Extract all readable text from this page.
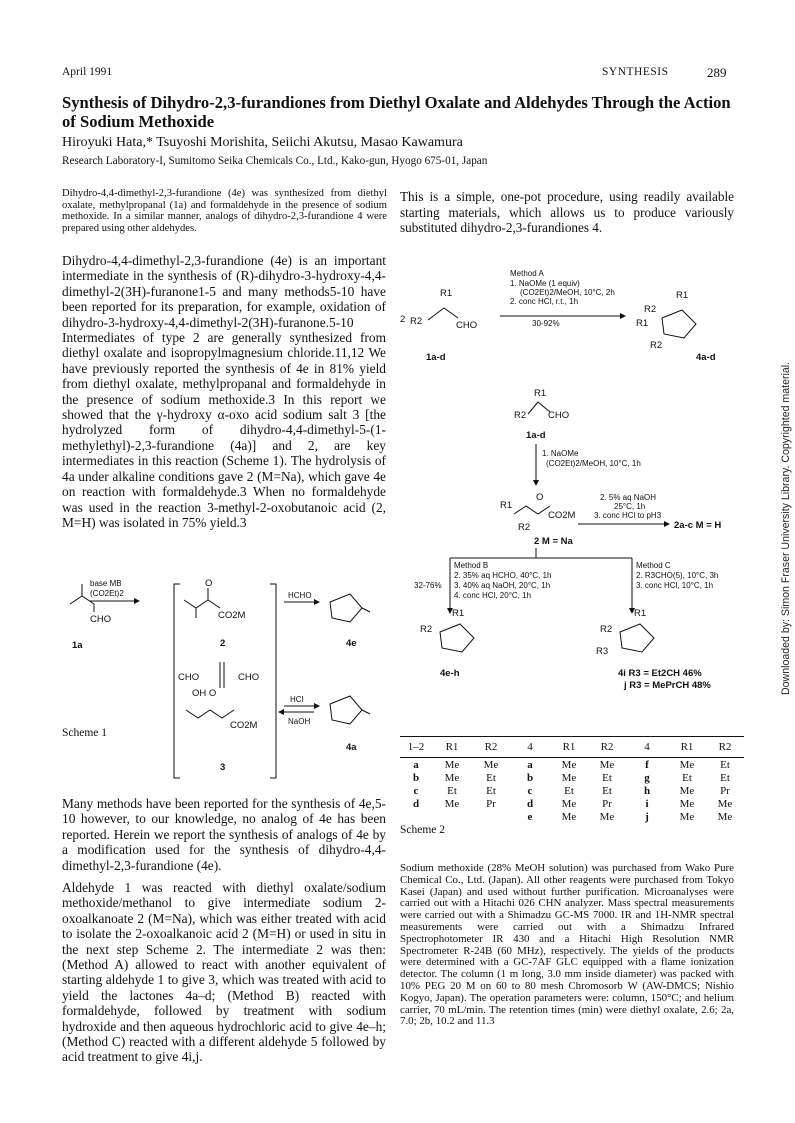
April 1991	SYNTHESIS	289
Synthesis of Dihydro-2,3-furandiones from Diethyl Oxalate and Aldehydes Through the Action of Sodium Methoxide
Hiroyuki Hata,* Tsuyoshi Morishita, Seiichi Akutsu, Masao Kawamura
Research Laboratory-I, Sumitomo Seika Chemicals Co., Ltd., Kako-gun, Hyogo 675-01, Japan
Dihydro-4,4-dimethyl-2,3-furandione (4e) was synthesized from diethyl oxalate, methylpropanal (1a) and formaldehyde in the presence of sodium methoxide. In a similar manner, analogs of dihydro-2,3-furandione 4 were prepared using other aldehydes.
This is a simple, one-pot procedure, using readily available starting materials, which allows us to produce variously substituted dihydro-2,3-furandiones 4.
Dihydro-4,4-dimethyl-2,3-furandione (4e) is an important intermediate in the synthesis of (R)-dihydro-3-hydroxy-4,4-dimethyl-2(3H)-furanone1-5 and many methods5-10 have been reported for its preparation, for example, oxidation of dihydro-3-hydroxy-4,4-dimethyl-2(3H)-furanone.5-10 Intermediates of type 2 are generally synthesized from diethyl oxalate and isopropylmagnesium chloride.11,12 We have previously reported the synthesis of 4e in 81% yield from diethyl oxalate, methylpropanal and formaldehyde in the presence of sodium methoxide.3 In this report we showed that the γ-hydroxy α-oxo acid sodium salt 3 [the hydrolyzed form of dihydro-4,4-dimethyl-5-(1-methylethyl)-2,3-furandione (4a)] and 2, are key intermediates in this reaction (Scheme 1). The hydrolysis of 4a under alkaline conditions gave 2 (M=Na), which gave 4e on reaction with formaldehyde.3 When no formaldehyde was used in the reaction 3-methyl-2-oxobutanoic acid (2, M=H) was isolated in 75% yield.3
CHO
1a
base MB
(CO2Et)2
O
CO2M
2
CHO	CHO
OH O
CO2M
3
HCHO
4e
HCl
NaOH
4a
Scheme 1
Many methods have been reported for the synthesis of 4e,5-10 however, to our knowledge, no analog of 4e has been reported. Herein we report the synthesis of analogs of 4e by a modification used for the synthesis of dihydro-4,4-dimethyl-2,3-furandione (4e).
Aldehyde 1 was reacted with diethyl oxalate/sodium methoxide/methanol to give intermediate sodium 2-oxoalkanoate 2 (M=Na), which was either treated with acid to isolate the 2-oxoalkanoic acid 2 (M=H) or used in situ in the next step Scheme 2. The intermediate 2 was then: (Method A) allowed to react with another equivalent of starting aldehyde 1 to give 3, which was treated with acid to yield the lactones 4a–d; (Method B) reacted with formaldehyde, followed by treatment with sodium hydroxide and then aqueous hydrochloric acid to give 4e–h; (Method C) reacted with a different aldehyde 5 followed by acid treatment to give 4i,j.
Method A
1. NaOMe (1 equiv)
(CO2Et)2/MeOH, 10°C, 2h
2. conc HCl, r.t., 1h
30-92%
2
R1
R2	CHO
1a-d
R1
R2
R1
R2
4a-d
R1
R2 CHO
1a-d
1. NaOMe
(CO2Et)2/MeOH, 10°C, 1h
R1
R2
O
CO2M
2 M = Na
2. 5% aq NaOH
25°C, 1h
3. conc HCl to pH3
2a-c M = H
Method B
2. 35% aq HCHO, 40°C, 1h
3. 40% aq NaOH, 20°C, 1h
4. conc HCl, 20°C, 1h
32-76%
Method C
2. R3CHO(5), 10°C, 3h
3. conc HCl, 10°C, 1h
R1
R2
4e-h
R1
R2
R3
4i R3 = Et2CH 46%
j R3 = MePrCH 48%
1–2	R1	R2	4	R1	R2	4	R1	R2
a	Me	Me	a	Me	Me	f	Me	Et
b	Me	Et	b	Me	Et	g	Et	Et
c	Et	Et	c	Et	Et	h	Me	Pr
d	Me	Pr	d	Me	Pr	i	Me	Me
			e	Me	Me	j	Me	Me
Scheme 2
Sodium methoxide (28% MeOH solution) was purchased from Wako Pure Chemical Co., Ltd. (Japan). All other reagents were purchased from Tokyo Kasei (Japan) and used without further purification. Microanalyses were carried out with a Hitachi 026 CHN analyzer. Mass spectral measurements were carried out with a Shimadzu GC-MS 7000. IR and 1H-NMR spectral measurements were carried out with a Shimadzu Infrared Spectrophotometer IR 430 and a Hitachi High Resolution NMR Spectrometer R-24B (60 MHz), respectively. The yields of the products were determined with a GC-7AF GLC equipped with a flame ionization detector. The column (1 m long, 3.0 mm inside diameter) was packed with 10% PEG 20 M on 60 to 80 mesh Chromosorb W (AW-DMCS; Nishio Kogyo, Japan). The operation parameters were: column, 150°C; and helium carrier, 70 mL/min. The retention times (min) were diethyl oxalate, 2.6; 2a, 7.0; 2b, 10.2 and 11.3
Downloaded by: Simon Fraser University Library. Copyrighted material.
